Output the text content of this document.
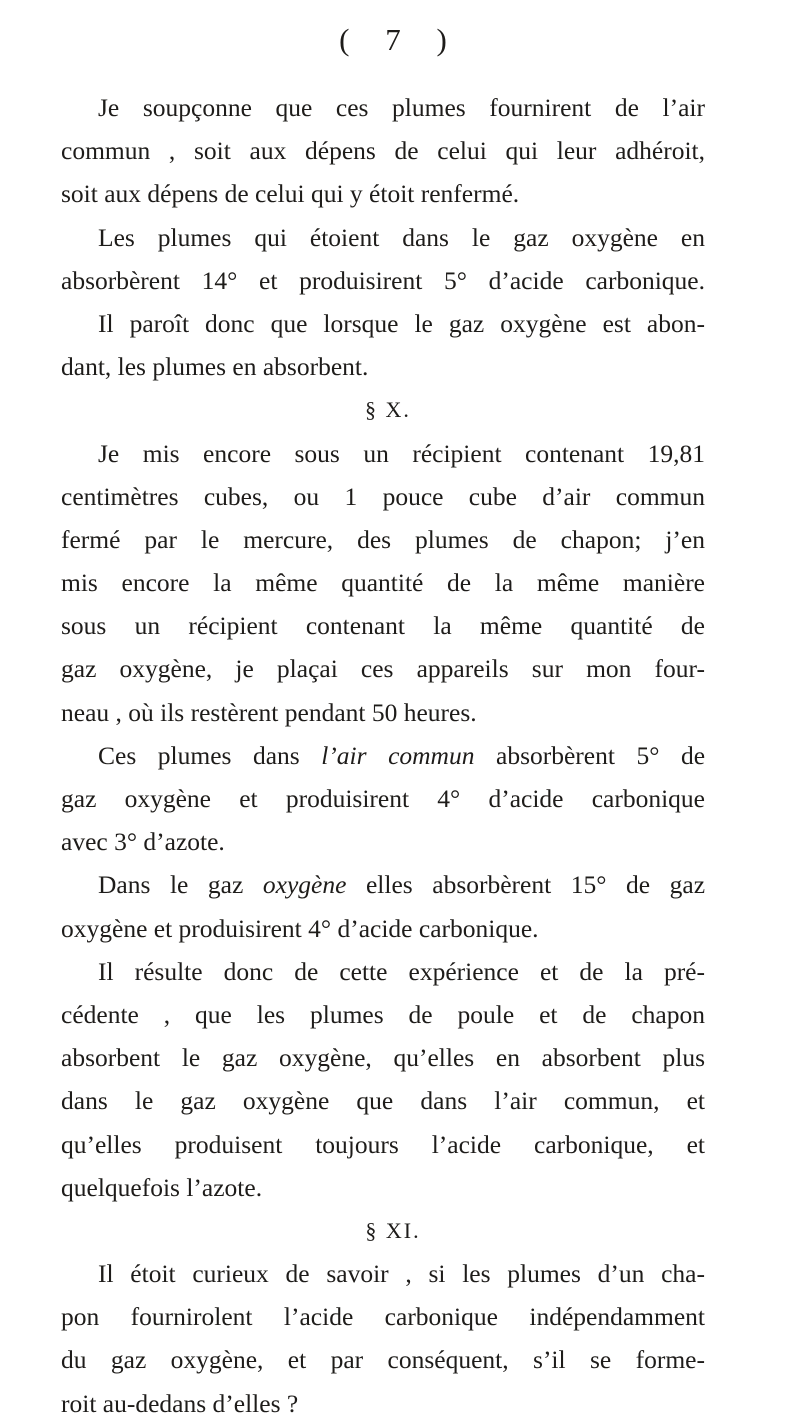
( 7 )
Je soupçonne que ces plumes fournirent de l’air
commun , soit aux dépens de celui qui leur adhéroit,
soit aux dépens de celui qui y étoit renfermé.
Les plumes qui étoient dans le gaz oxygène en
absorbèrent 14° et produisirent 5° d’acide carbonique.
Il paroît donc que lorsque le gaz oxygène est abon-
dant, les plumes en absorbent.
§ X.
Je mis encore sous un récipient contenant 19,81
centimètres cubes, ou 1 pouce cube d’air commun
fermé par le mercure, des plumes de chapon; j’en
mis encore la même quantité de la même manière
sous un récipient contenant la même quantité de
gaz oxygène, je plaçai ces appareils sur mon four-
neau , où ils restèrent pendant 50 heures.
Ces plumes dans l’air commun absorbèrent 5° de
gaz oxygène et produisirent 4° d’acide carbonique
avec 3° d’azote.
Dans le gaz oxygène elles absorbèrent 15° de gaz
oxygène et produisirent 4° d’acide carbonique.
Il résulte donc de cette expérience et de la pré-
cédente , que les plumes de poule et de chapon
absorbent le gaz oxygène, qu’elles en absorbent plus
dans le gaz oxygène que dans l’air commun, et
qu’elles produisent toujours l’acide carbonique, et
quelquefois l’azote.
§ XI.
Il étoit curieux de savoir , si les plumes d’un cha-
pon fournirolent l’acide carbonique indépendamment
du gaz oxygène, et par conséquent, s’il se forme-
roit au-dedans d’elles ?
